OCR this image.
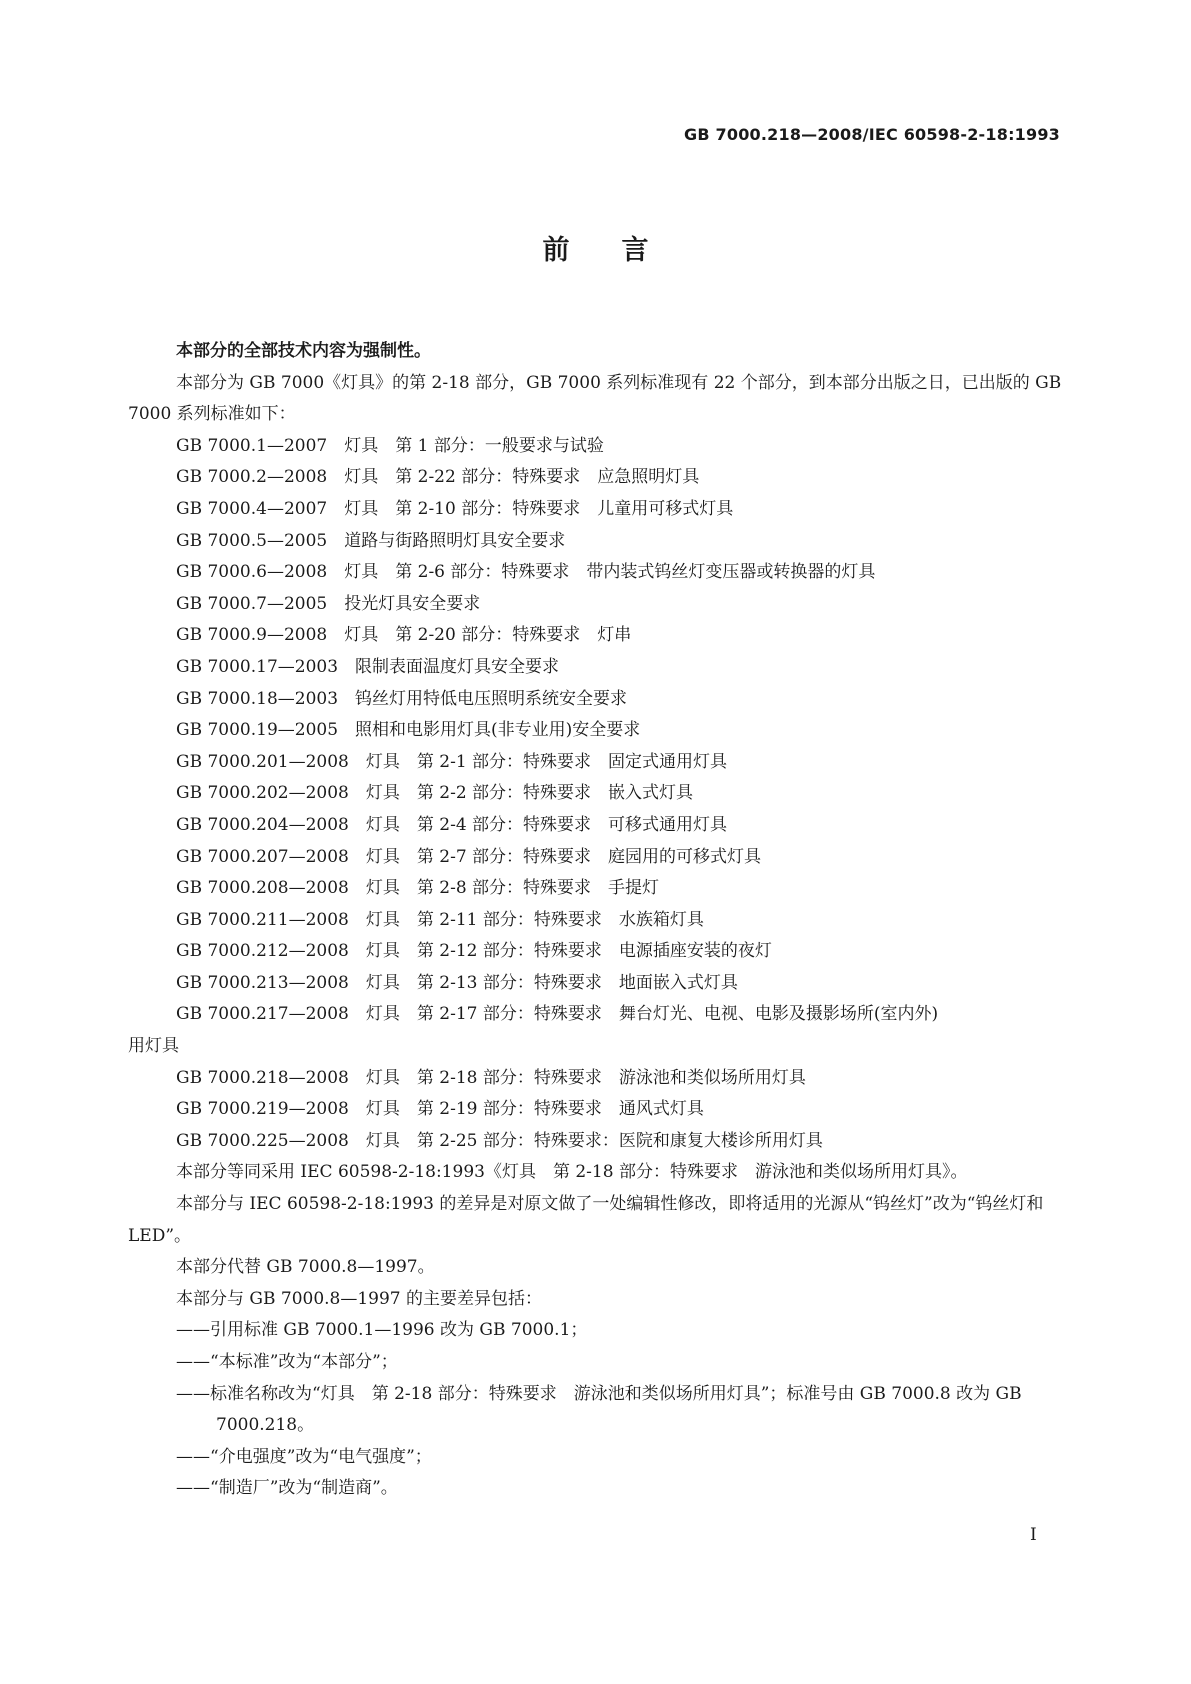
GB 7000.218—2008/IEC 60598-2-18:1993
前言

本部分的全部技术内容为强制性。

本部分为 GB 7000《灯具》的第 2-18 部分，GB 7000 系列标准现有 22 个部分，到本部分出版之日，已出版的 GB 7000 系列标准如下：

GB 7000.1—2007　灯具　第 1 部分：一般要求与试验

GB 7000.2—2008　灯具　第 2-22 部分：特殊要求　应急照明灯具

GB 7000.4—2007　灯具　第 2-10 部分：特殊要求　儿童用可移式灯具

GB 7000.5—2005　道路与街路照明灯具安全要求

GB 7000.6—2008　灯具　第 2-6 部分：特殊要求　带内装式钨丝灯变压器或转换器的灯具

GB 7000.7—2005　投光灯具安全要求

GB 7000.9—2008　灯具　第 2-20 部分：特殊要求　灯串

GB 7000.17—2003　限制表面温度灯具安全要求

GB 7000.18—2003　钨丝灯用特低电压照明系统安全要求

GB 7000.19—2005　照相和电影用灯具(非专业用)安全要求

GB 7000.201—2008　灯具　第 2-1 部分：特殊要求　固定式通用灯具

GB 7000.202—2008　灯具　第 2-2 部分：特殊要求　嵌入式灯具

GB 7000.204—2008　灯具　第 2-4 部分：特殊要求　可移式通用灯具

GB 7000.207—2008　灯具　第 2-7 部分：特殊要求　庭园用的可移式灯具

GB 7000.208—2008　灯具　第 2-8 部分：特殊要求　手提灯

GB 7000.211—2008　灯具　第 2-11 部分：特殊要求　水族箱灯具

GB 7000.212—2008　灯具　第 2-12 部分：特殊要求　电源插座安装的夜灯

GB 7000.213—2008　灯具　第 2-13 部分：特殊要求　地面嵌入式灯具

GB 7000.217—2008　灯具　第 2-17 部分：特殊要求　舞台灯光、电视、电影及摄影场所(室内外)

用灯具

GB 7000.218—2008　灯具　第 2-18 部分：特殊要求　游泳池和类似场所用灯具

GB 7000.219—2008　灯具　第 2-19 部分：特殊要求　通风式灯具

GB 7000.225—2008　灯具　第 2-25 部分：特殊要求：医院和康复大楼诊所用灯具

本部分等同采用 IEC 60598-2-18:1993《灯具　第 2-18 部分：特殊要求　游泳池和类似场所用灯具》。

本部分与 IEC 60598-2-18:1993 的差异是对原文做了一处编辑性修改，即将适用的光源从“钨丝灯”改为“钨丝灯和 LED”。

本部分代替 GB 7000.8—1997。

本部分与 GB 7000.8—1997 的主要差异包括：

——引用标准 GB 7000.1—1996 改为 GB 7000.1；

——“本标准”改为“本部分”；

——标准名称改为“灯具　第 2-18 部分：特殊要求　游泳池和类似场所用灯具”；标准号由 GB 7000.8 改为 GB 7000.218。

——“介电强度”改为“电气强度”；

——“制造厂”改为“制造商”。

I
